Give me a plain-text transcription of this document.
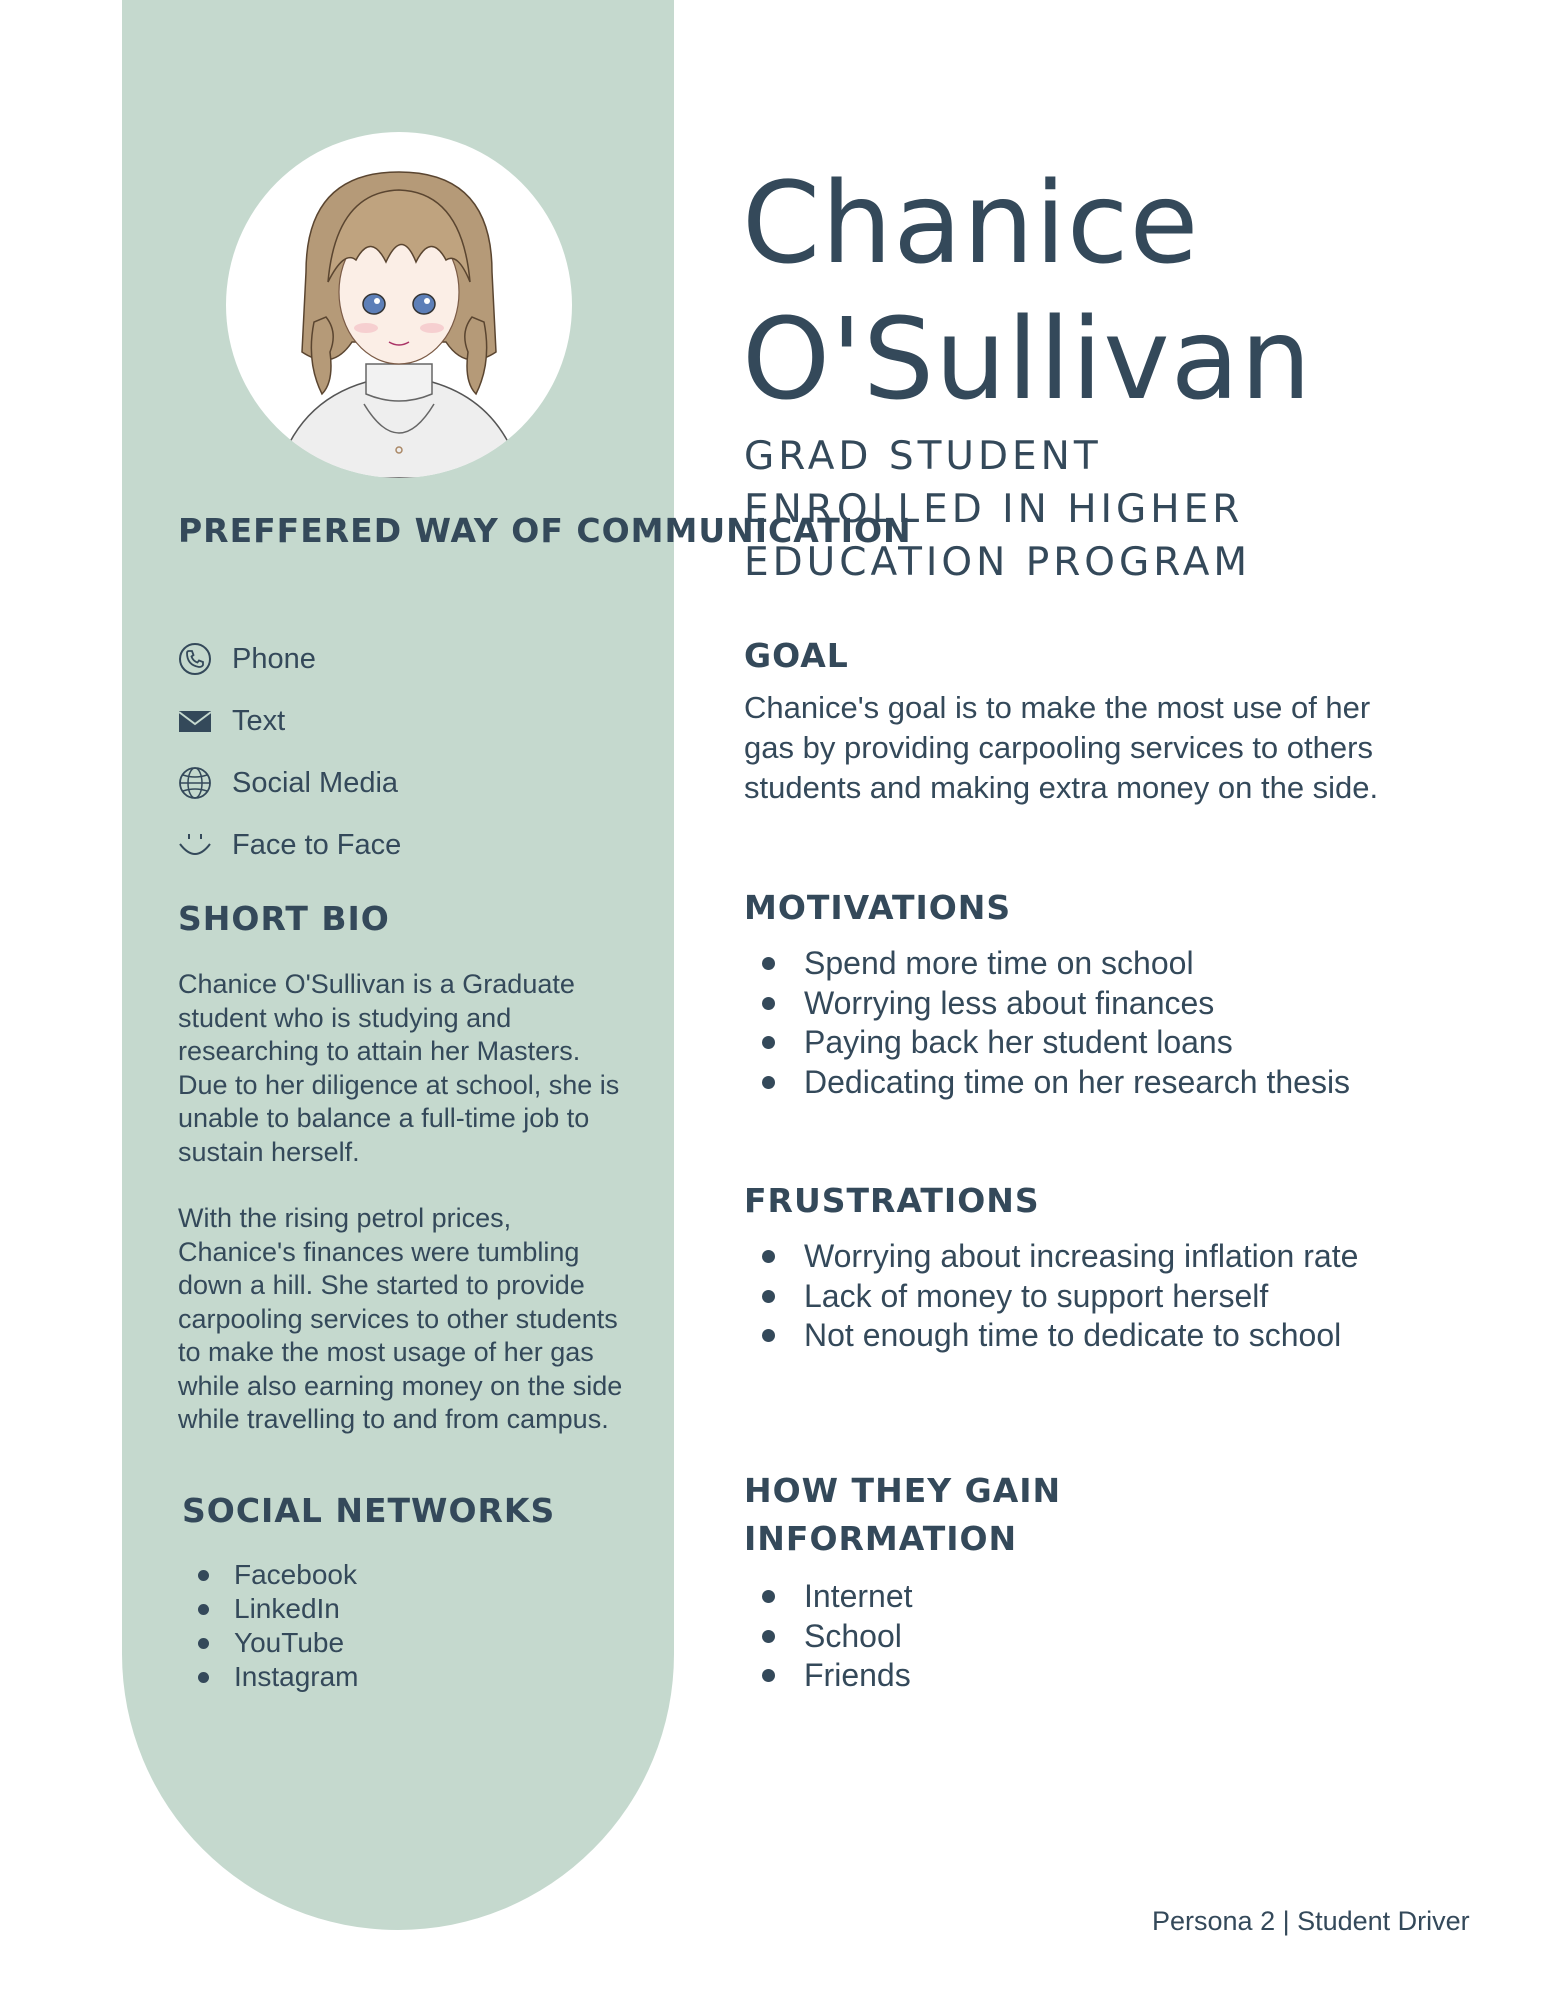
PREFFERED WAY OF COMMUNICATION
Phone
Text
Social Media
Face to Face
SHORT BIO

Chanice O'Sullivan is a Graduate student who is studying and researching to attain her Masters. Due to her diligence at school, she is unable to balance a full-time job to sustain herself.

With the rising petrol prices, Chanice's finances were tumbling down a hill. She started to provide carpooling services to other students to make the most usage of her gas while also earning money on the side while travelling to and from campus.

SOCIAL NETWORKS
Facebook
LinkedIn
YouTube
Instagram
Chanice
O'Sullivan
GRAD STUDENT ENROLLED IN HIGHER EDUCATION PROGRAM
GOAL

Chanice's goal is to make the most use of her gas by providing carpooling services to others students and making extra money on the side.

MOTIVATIONS
Spend more time on school
Worrying less about finances
Paying back her student loans
Dedicating time on her research thesis
FRUSTRATIONS
Worrying about increasing inflation rate
Lack of money to support herself
Not enough time to dedicate to school
HOW THEY GAIN
INFORMATION
Internet
School
Friends

Persona 2 | Student Driver
